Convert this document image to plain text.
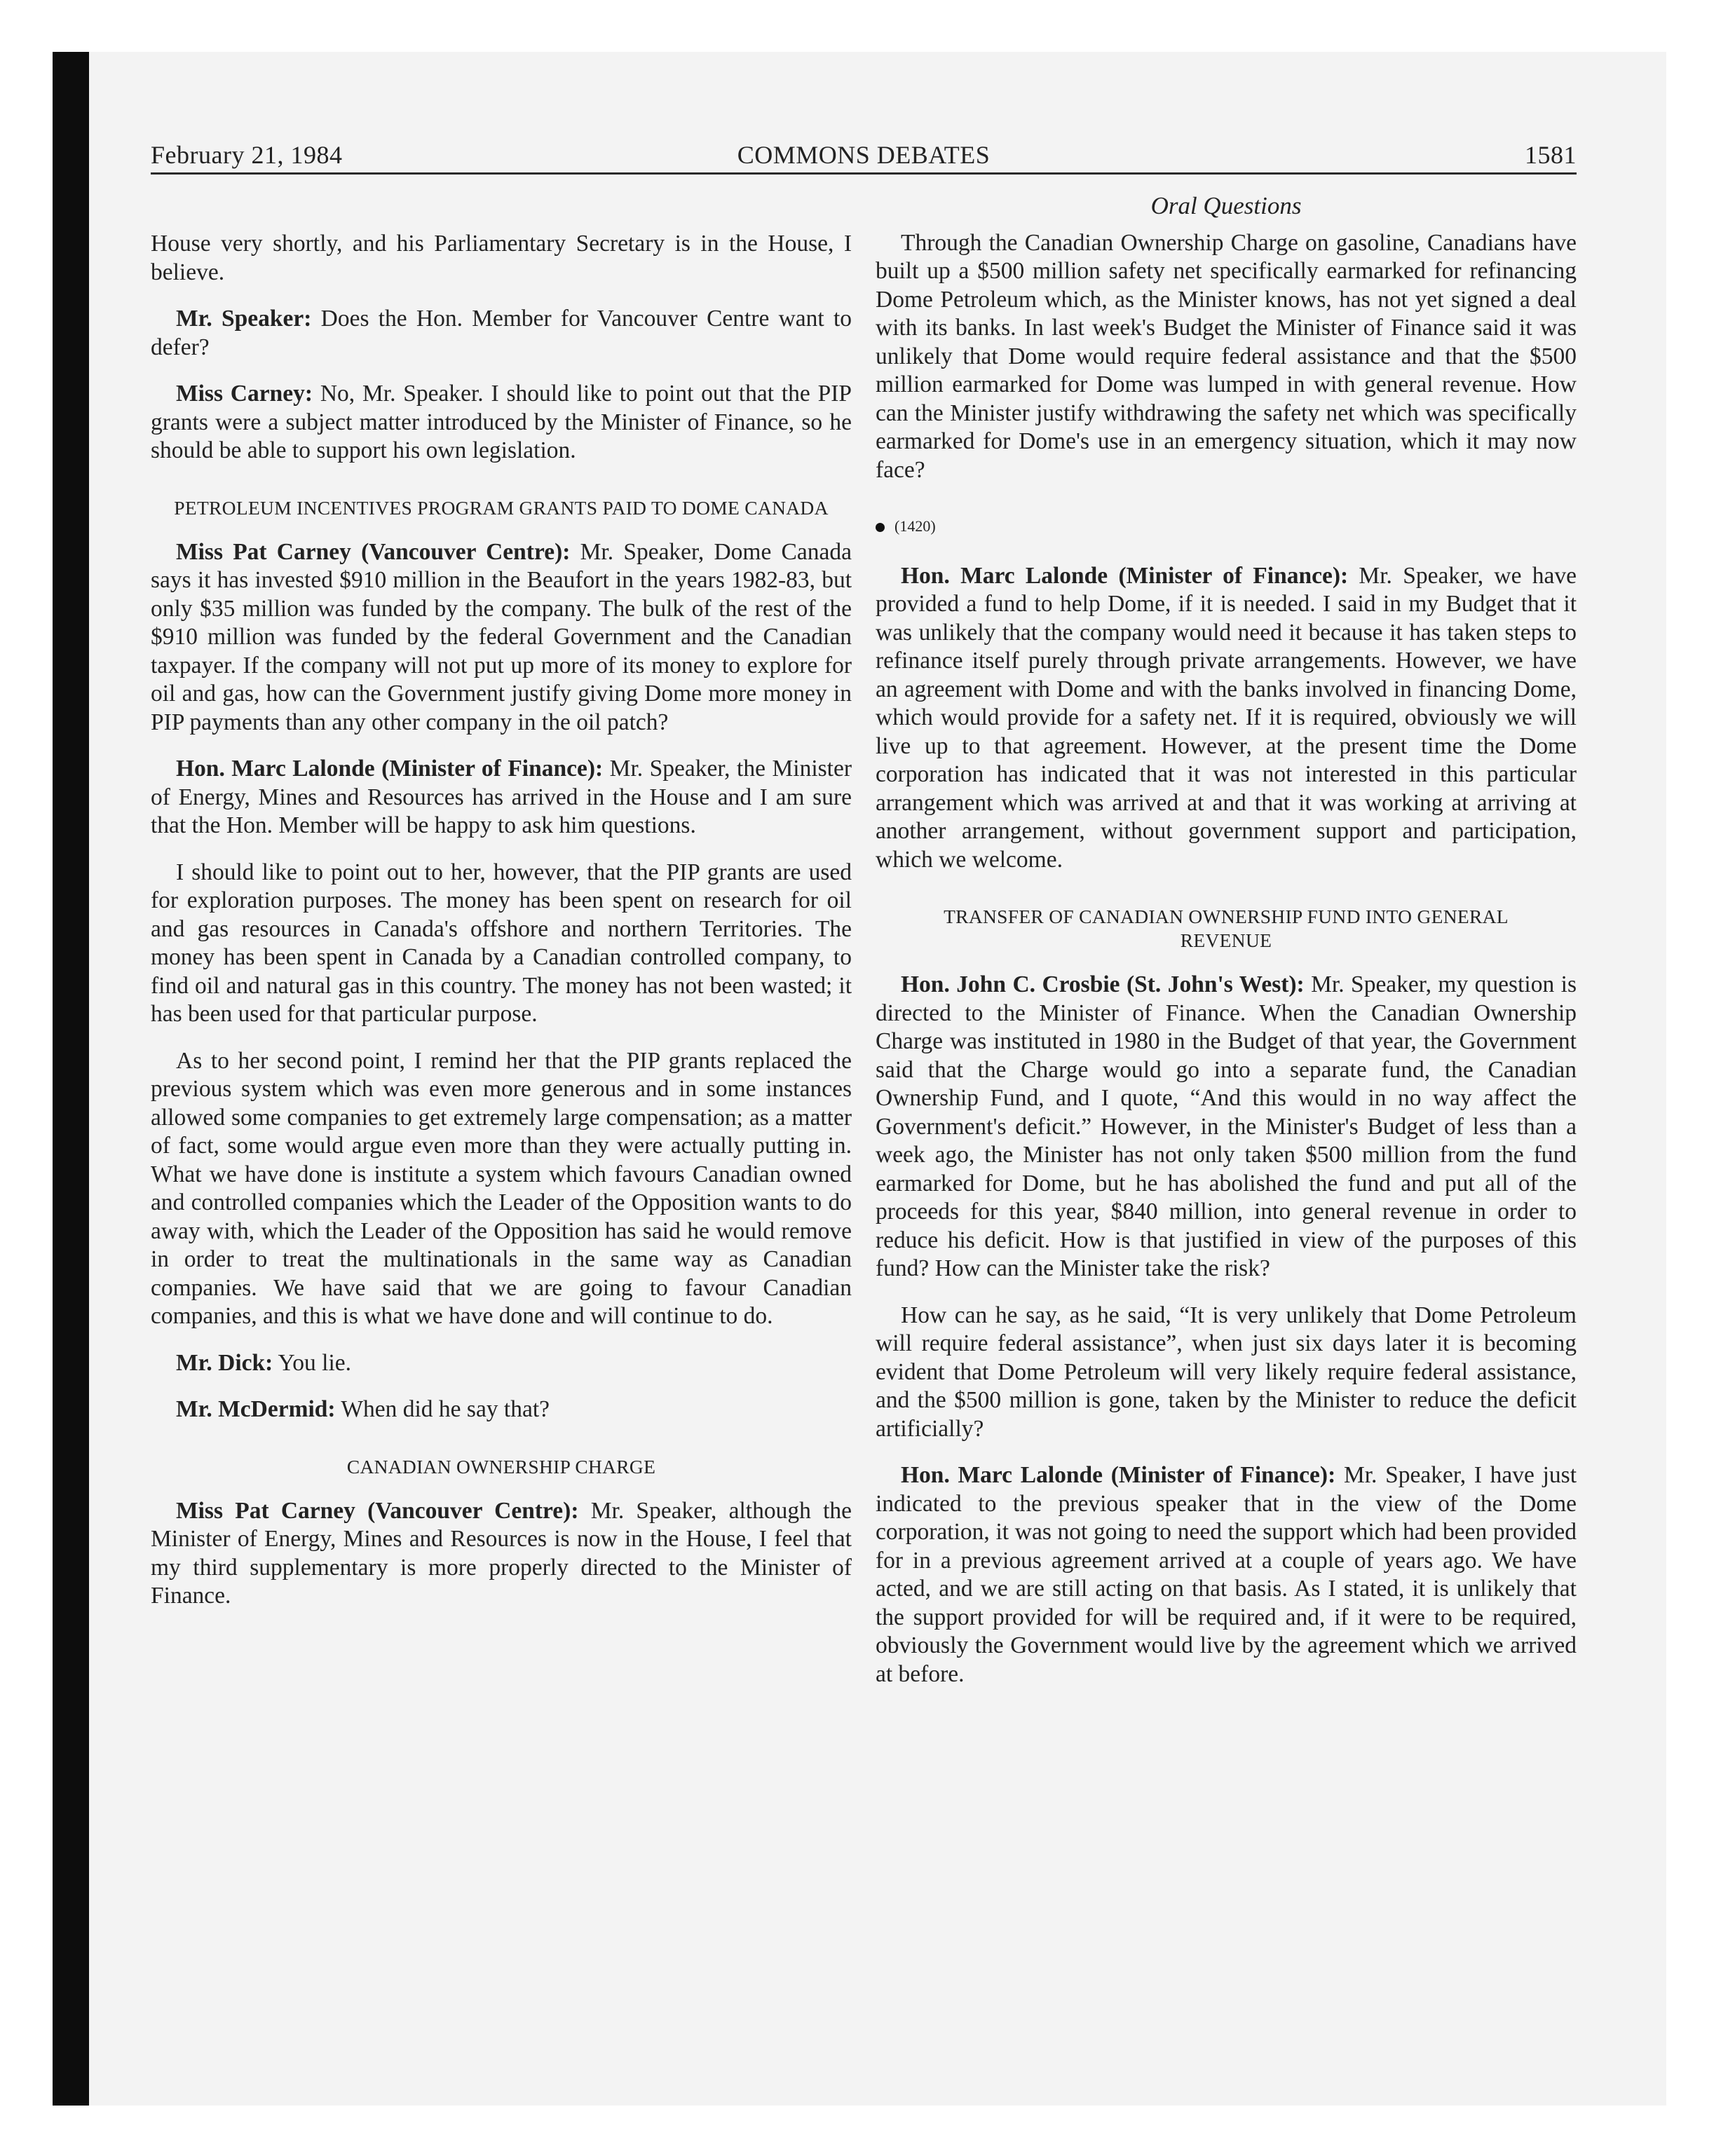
February 21, 1984	COMMONS DEBATES	1581

House very shortly, and his Parliamentary Secretary is in the House, I believe.

Mr. Speaker: Does the Hon. Member for Vancouver Centre want to defer?

Miss Carney: No, Mr. Speaker. I should like to point out that the PIP grants were a subject matter introduced by the Minister of Finance, so he should be able to support his own legislation.

PETROLEUM INCENTIVES PROGRAM GRANTS PAID TO DOME CANADA

Miss Pat Carney (Vancouver Centre): Mr. Speaker, Dome Canada says it has invested $910 million in the Beaufort in the years 1982-83, but only $35 million was funded by the company. The bulk of the rest of the $910 million was funded by the federal Government and the Canadian taxpayer. If the company will not put up more of its money to explore for oil and gas, how can the Government justify giving Dome more money in PIP payments than any other company in the oil patch?

Hon. Marc Lalonde (Minister of Finance): Mr. Speaker, the Minister of Energy, Mines and Resources has arrived in the House and I am sure that the Hon. Member will be happy to ask him questions.

I should like to point out to her, however, that the PIP grants are used for exploration purposes. The money has been spent on research for oil and gas resources in Canada's offshore and northern Territories. The money has been spent in Canada by a Canadian controlled company, to find oil and natural gas in this country. The money has not been wasted; it has been used for that particular purpose.

As to her second point, I remind her that the PIP grants replaced the previous system which was even more generous and in some instances allowed some companies to get extremely large compensation; as a matter of fact, some would argue even more than they were actually putting in. What we have done is institute a system which favours Canadian owned and controlled companies which the Leader of the Opposition wants to do away with, which the Leader of the Opposition has said he would remove in order to treat the multinationals in the same way as Canadian companies. We have said that we are going to favour Canadian companies, and this is what we have done and will continue to do.

Mr. Dick: You lie.

Mr. McDermid: When did he say that?

CANADIAN OWNERSHIP CHARGE

Miss Pat Carney (Vancouver Centre): Mr. Speaker, although the Minister of Energy, Mines and Resources is now in the House, I feel that my third supplementary is more properly directed to the Minister of Finance.

Oral Questions

Through the Canadian Ownership Charge on gasoline, Canadians have built up a $500 million safety net specifically earmarked for refinancing Dome Petroleum which, as the Minister knows, has not yet signed a deal with its banks. In last week's Budget the Minister of Finance said it was unlikely that Dome would require federal assistance and that the $500 million earmarked for Dome was lumped in with general revenue. How can the Minister justify withdrawing the safety net which was specifically earmarked for Dome's use in an emergency situation, which it may now face?

(1420)

Hon. Marc Lalonde (Minister of Finance): Mr. Speaker, we have provided a fund to help Dome, if it is needed. I said in my Budget that it was unlikely that the company would need it because it has taken steps to refinance itself purely through private arrangements. However, we have an agreement with Dome and with the banks involved in financing Dome, which would provide for a safety net. If it is required, obviously we will live up to that agreement. However, at the present time the Dome corporation has indicated that it was not interested in this particular arrangement which was arrived at and that it was working at arriving at another arrangement, without government support and participation, which we welcome.

TRANSFER OF CANADIAN OWNERSHIP FUND INTO GENERAL REVENUE

Hon. John C. Crosbie (St. John's West): Mr. Speaker, my question is directed to the Minister of Finance. When the Canadian Ownership Charge was instituted in 1980 in the Budget of that year, the Government said that the Charge would go into a separate fund, the Canadian Ownership Fund, and I quote, “And this would in no way affect the Government's deficit.” However, in the Minister's Budget of less than a week ago, the Minister has not only taken $500 million from the fund earmarked for Dome, but he has abolished the fund and put all of the proceeds for this year, $840 million, into general revenue in order to reduce his deficit. How is that justified in view of the purposes of this fund? How can the Minister take the risk?

How can he say, as he said, “It is very unlikely that Dome Petroleum will require federal assistance”, when just six days later it is becoming evident that Dome Petroleum will very likely require federal assistance, and the $500 million is gone, taken by the Minister to reduce the deficit artificially?

Hon. Marc Lalonde (Minister of Finance): Mr. Speaker, I have just indicated to the previous speaker that in the view of the Dome corporation, it was not going to need the support which had been provided for in a previous agreement arrived at a couple of years ago. We have acted, and we are still acting on that basis. As I stated, it is unlikely that the support provided for will be required and, if it were to be required, obviously the Government would live by the agreement which we arrived at before.
